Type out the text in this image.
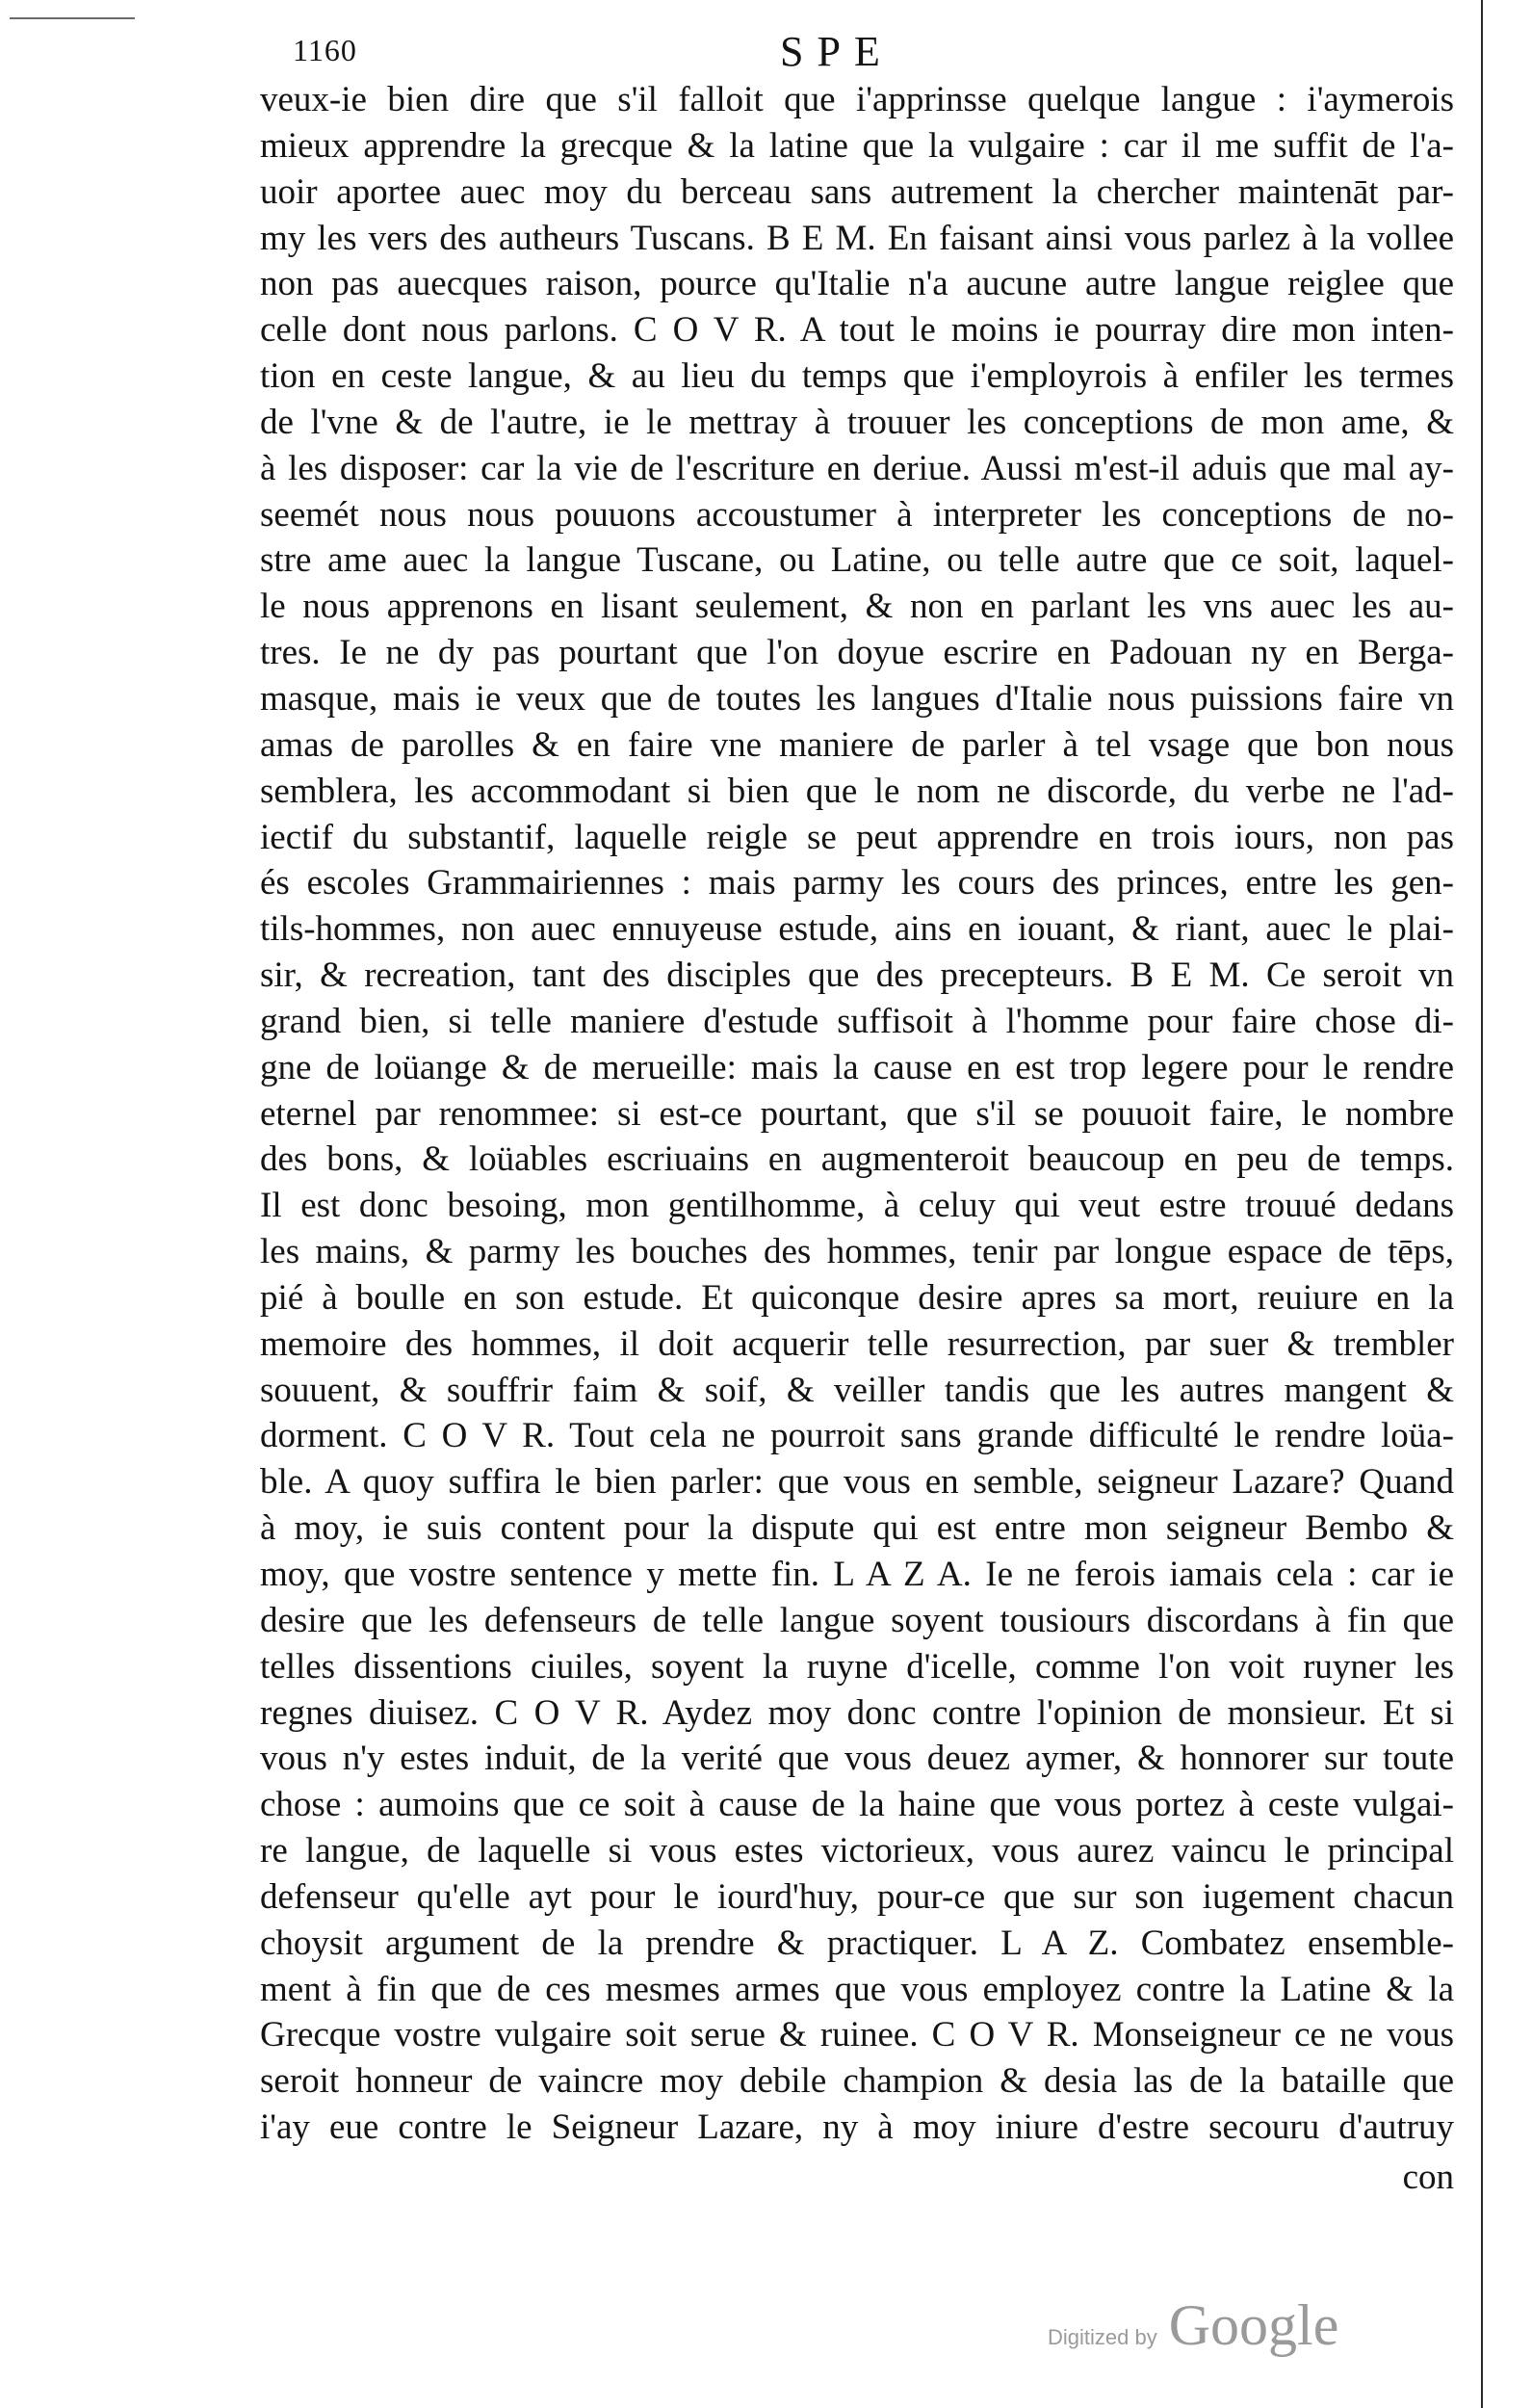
1160	SPE
veux-ie bien dire que s'il falloit que i'apprinsse quelque langue : i'aymerois
mieux apprendre la grecque & la latine que la vulgaire : car il me suffit de l'a-
uoir aportee auec moy du berceau sans autrement la chercher maintenāt par-
my les vers des autheurs Tuscans. B E M. En faisant ainsi vous parlez à la vollee
non pas auecques raison, pource qu'Italie n'a aucune autre langue reiglee que
celle dont nous parlons. C O V R. A tout le moins ie pourray dire mon inten-
tion en ceste langue, & au lieu du temps que i'employrois à enfiler les termes
de l'vne & de l'autre, ie le mettray à trouuer les conceptions de mon ame, &
à les disposer: car la vie de l'escriture en deriue. Aussi m'est-il aduis que mal ay-
seemét nous nous pouuons accoustumer à interpreter les conceptions de no-
stre ame auec la langue Tuscane, ou Latine, ou telle autre que ce soit, laquel-
le nous apprenons en lisant seulement, & non en parlant les vns auec les au-
tres. Ie ne dy pas pourtant que l'on doyue escrire en Padouan ny en Berga-
masque, mais ie veux que de toutes les langues d'Italie nous puissions faire vn
amas de parolles & en faire vne maniere de parler à tel vsage que bon nous
semblera, les accommodant si bien que le nom ne discorde, du verbe ne l'ad-
iectif du substantif, laquelle reigle se peut apprendre en trois iours, non pas
és escoles Grammairiennes : mais parmy les cours des princes, entre les gen-
tils-hommes, non auec ennuyeuse estude, ains en iouant, & riant, auec le plai-
sir, & recreation, tant des disciples que des precepteurs. B E M. Ce seroit vn
grand bien, si telle maniere d'estude suffisoit à l'homme pour faire chose di-
gne de loüange & de merueille: mais la cause en est trop legere pour le rendre
eternel par renommee: si est-ce pourtant, que s'il se pouuoit faire, le nombre
des bons, & loüables escriuains en augmenteroit beaucoup en peu de temps.
Il est donc besoing, mon gentilhomme, à celuy qui veut estre trouué dedans
les mains, & parmy les bouches des hommes, tenir par longue espace de tēps,
pié à boulle en son estude. Et quiconque desire apres sa mort, reuiure en la
memoire des hommes, il doit acquerir telle resurrection, par suer & trembler
souuent, & souffrir faim & soif, & veiller tandis que les autres mangent &
dorment. C O V R. Tout cela ne pourroit sans grande difficulté le rendre loüa-
ble. A quoy suffira le bien parler: que vous en semble, seigneur Lazare? Quand
à moy, ie suis content pour la dispute qui est entre mon seigneur Bembo &
moy, que vostre sentence y mette fin. L A Z A. Ie ne ferois iamais cela : car ie
desire que les defenseurs de telle langue soyent tousiours discordans à fin que
telles dissentions ciuiles, soyent la ruyne d'icelle, comme l'on voit ruyner les
regnes diuisez. C O V R. Aydez moy donc contre l'opinion de monsieur. Et si
vous n'y estes induit, de la verité que vous deuez aymer, & honnorer sur toute
chose : aumoins que ce soit à cause de la haine que vous portez à ceste vulgai-
re langue, de laquelle si vous estes victorieux, vous aurez vaincu le principal
defenseur qu'elle ayt pour le iourd'huy, pour-ce que sur son iugement chacun
choysit argument de la prendre & practiquer. L A Z. Combatez ensemble-
ment à fin que de ces mesmes armes que vous employez contre la Latine & la
Grecque vostre vulgaire soit serue & ruinee. C O V R. Monseigneur ce ne vous
seroit honneur de vaincre moy debile champion & desia las de la bataille que
i'ay eue contre le Seigneur Lazare, ny à moy iniure d'estre secouru d'autruy
con
Digitized by Google
